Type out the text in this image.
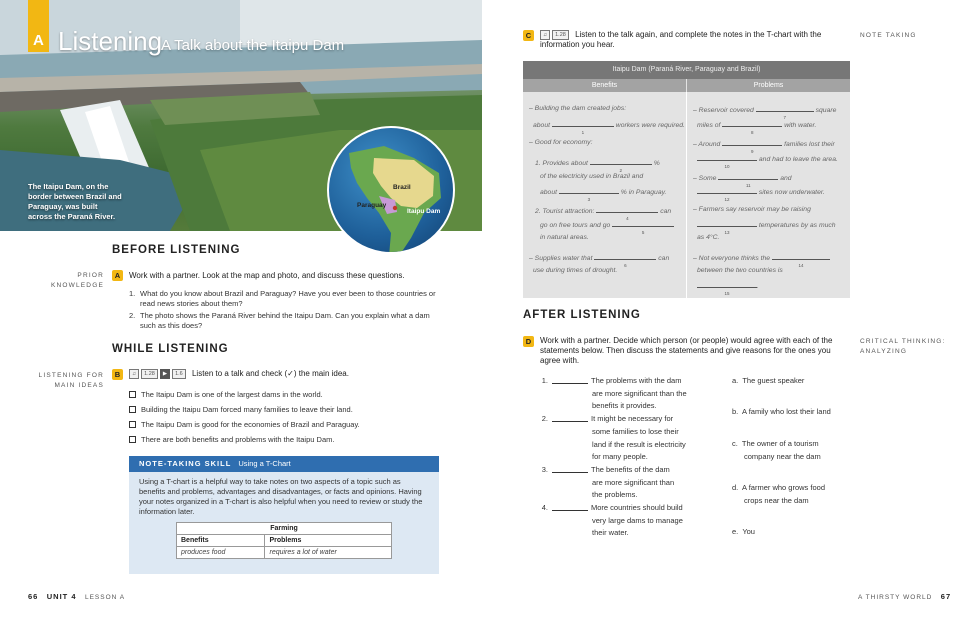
A Listening
A Talk about the Itaipu Dam
The Itaipu Dam, on the border between Brazil and Paraguay, was built across the Paraná River.
Brazil
Paraguay
Itaipu Dam
BEFORE LISTENING
PRIOR KNOWLEDGE
A	Work with a partner. Look at the map and photo, and discuss these questions.
1. What do you know about Brazil and Paraguay? Have you ever been to those countries or read news stories about them?
2. The photo shows the Paraná River behind the Itaipu Dam. Can you explain what a dam such as this does?
WHILE LISTENING
LISTENING FOR
MAIN IDEAS
B	♫	1.28	▶	1.6	Listen to a talk and check (✓) the main idea.
The Itaipu Dam is one of the largest dams in the world.
Building the Itaipu Dam forced many families to leave their land.
The Itaipu Dam is good for the economies of Brazil and Paraguay.
There are both benefits and problems with the Itaipu Dam.
NOTE-TAKING SKILL Using a T-Chart
Using a T-chart is a helpful way to take notes on two aspects of a topic such as benefits and problems, advantages and disadvantages, or facts and opinions. Having your notes organized in a T-chart is also helpful when you need to review or study the information later.
Farming	
Benefits	Problems
produces food	requires a lot of water
66 UNIT 4 LESSON A
C	♫	1.28	Listen to the talk again, and complete the notes in the T-chart with the information you hear.
NOTE TAKING
Itaipu Dam (Paraná River, Paraguay and Brazil)
Benefits	Problems
– Building the dam created jobs:
about
1
workers were required.
– Good for economy:
1. Provides about
2
%
of the electricity used in Brazil and
about
3
% in Paraguay.
2. Tourist attraction:
4
can
go on free tours and go
5
in natural areas.
– Supplies water that
6
can
use during times of drought.
– Reservoir covered
7
square
miles of
8
with water.
– Around
9
families lost their
10
and had to leave the area.
– Some
11
and
12
sites now underwater.
– Farmers say reservoir may be raising
13
temperatures by as much
as 4°C.
– Not everyone thinks the
14
between the two countries is
15
.
AFTER LISTENING
D	Work with a partner. Decide which person (or people) would agree with each of the statements below. Then discuss the statements and give reasons for the ones you agree with.
CRITICAL THINKING:
ANALYZING
1.	The problems with the dam
are more significant than the
benefits it provides.
2.	It might be necessary for
some families to lose their
land if the result is electricity
for many people.
3.	The benefits of the dam
are more significant than
the problems.
4.	More countries should build
very large dams to manage
their water.
a. The guest speaker
b. A family who lost their land
c. The owner of a tourism
company near the dam
d. A farmer who grows food
crops near the dam
e. You
A THIRSTY WORLD 67
